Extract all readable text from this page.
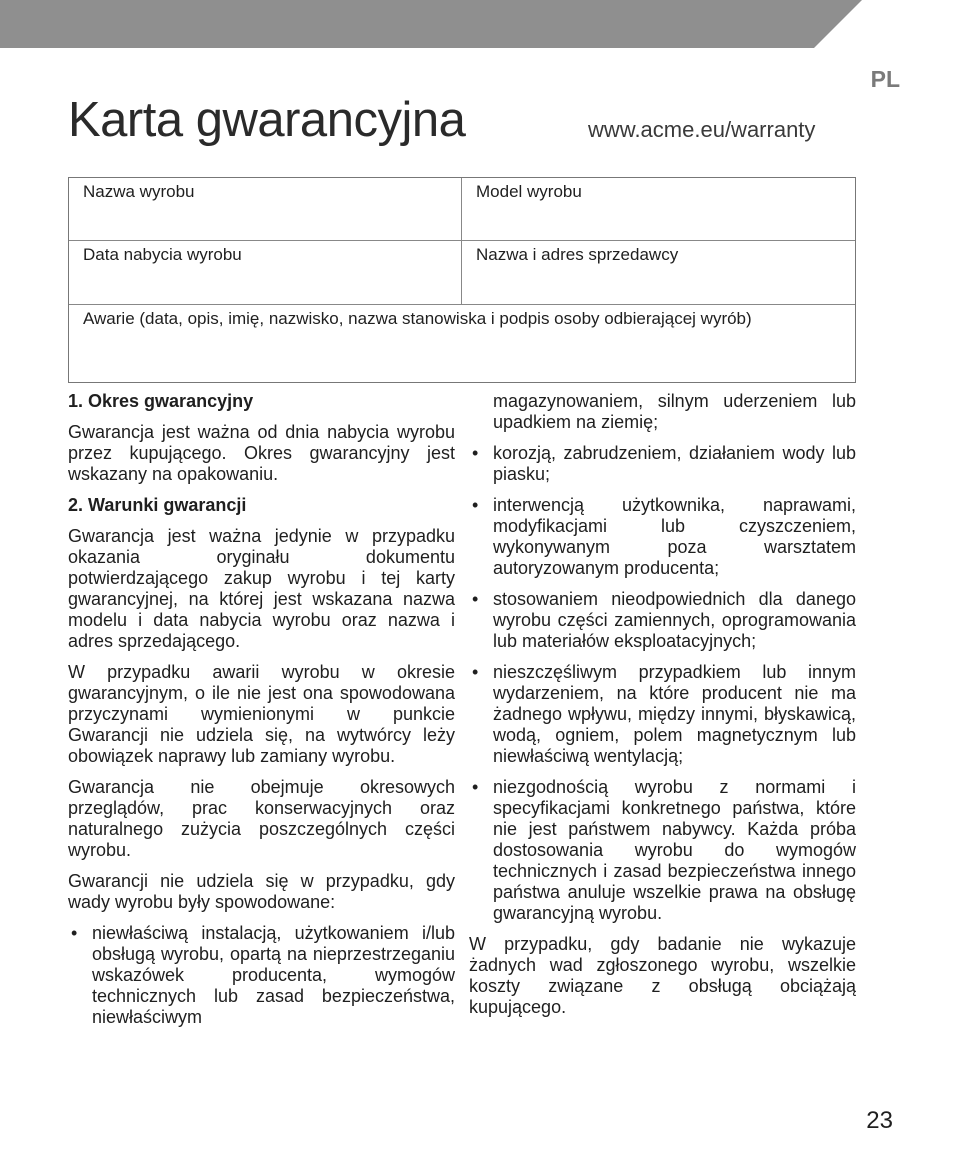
PL
Karta gwarancyjna	www.acme.eu/warranty
Nazwa wyrobu	Model wyrobu
Data nabycia wyrobu	Nazwa i adres sprzedawcy
Awarie (data, opis, imię, nazwisko, nazwa stanowiska i podpis osoby odbierającej wyrób)
1. Okres gwarancyjny

Gwarancja jest ważna od dnia nabycia wyrobu przez kupującego. Okres gwarancyjny jest wskazany na opakowaniu.

2. Warunki gwarancji

Gwarancja jest ważna jedynie w przypadku okazania oryginału dokumentu potwierdzającego zakup wyrobu i tej karty gwarancyjnej, na której jest wskazana nazwa modelu i data nabycia wyrobu oraz nazwa i adres sprzedającego.

W przypadku awarii wyrobu w okresie gwarancyjnym, o ile nie jest ona spowodowana przyczynami wymienionymi w punkcie Gwarancji nie udziela się, na wytwórcy leży obowiązek naprawy lub zamiany wyrobu.

Gwarancja nie obejmuje okresowych przeglądów, prac konserwacyjnych oraz naturalnego zużycia poszczególnych części wyrobu.

Gwarancji nie udziela się w przypadku, gdy wady wyrobu były spowodowane:

• niewłaściwą instalacją, użytkowaniem i/lub obsługą wyrobu, opartą na nieprzestrzeganiu wskazówek producenta, wymogów technicznych lub zasad bezpieczeństwa, niewłaściwym
magazynowaniem, silnym uderzeniem lub upadkiem na ziemię;
• korozją, zabrudzeniem, działaniem wody lub piasku;
• interwencją użytkownika, naprawami, modyfikacjami lub czyszczeniem, wykonywanym poza warsztatem autoryzowanym producenta;
• stosowaniem nieodpowiednich dla danego wyrobu części zamiennych, oprogramowania lub materiałów eksploatacyjnych;
• nieszczęśliwym przypadkiem lub innym wydarzeniem, na które producent nie ma żadnego wpływu, między innymi, błyskawicą, wodą, ogniem, polem magnetycznym lub niewłaściwą wentylacją;
• niezgodnością wyrobu z normami i specyfikacjami konkretnego państwa, które nie jest państwem nabywcy. Każda próba dostosowania wyrobu do wymogów technicznych i zasad bezpieczeństwa innego państwa anuluje wszelkie prawa na obsługę gwarancyjną wyrobu.

W przypadku, gdy badanie nie wykazuje żadnych wad zgłoszonego wyrobu, wszelkie koszty związane z obsługą obciążają kupującego.

23
